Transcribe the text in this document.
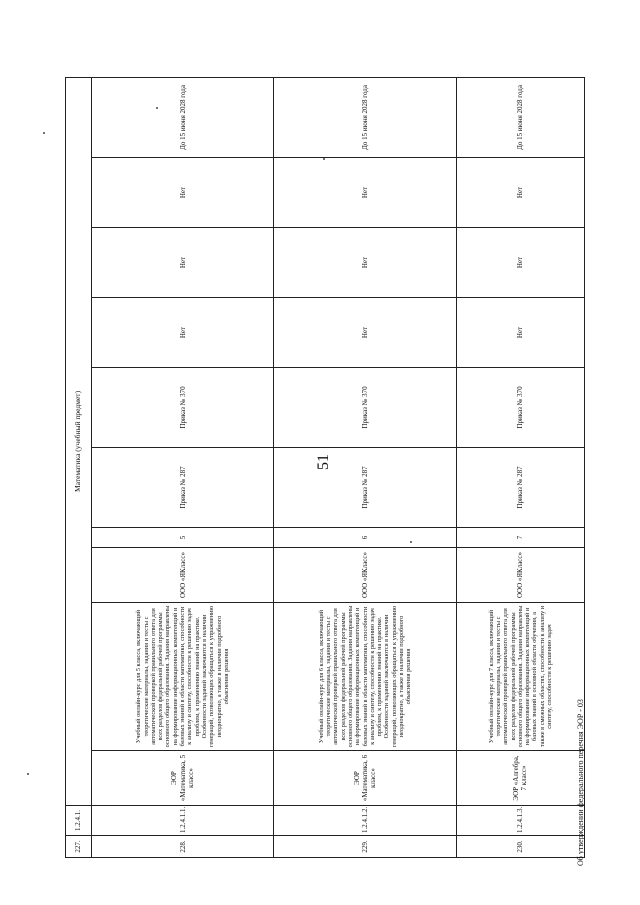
51
227.	1.2.4.1.	Математика (учебный предмет)									
228.	1.2.4.1.1.	ЭОР «Математика, 5 класс»	Учебный онлайн-курс для 5 класса, включающий теоретические материалы, задания и тесты с автоматической проверкой правильного ответа для всех разделов федеральной рабочей программы основного общего образования. Задания направлены на формирование информационных компетенций и базовых знаний в области математики, способности к анализу и синтезу, способности к решению задач проблем, к применению знаний на практике. Особенности заданий заключаются в наличии генераций, позволяющих обращаться к упражнению неоднократно, а также в наличии подробного объяснения решения	ООО «ЯКласс»	5	Приказ № 287	Приказ № 370	Нет	Нет	Нет	До 15 июня 2028 года
229.	1.2.4.1.2.	ЭОР «Математика, 6 класс»	Учебный онлайн-курс для 6 класса, включающий теоретические материалы, задания и тесты с автоматической проверкой правильного ответа для всех разделов федеральной рабочей программы основного общего образования. Задания направлены на формирование информационных компетенций и базовых знаний в области математики, способности к анализу и синтезу, способности к решению задач проблем, к применению знаний на практике. Особенности заданий заключаются в наличии генераций, позволяющих обращаться к упражнению неоднократно, а также в наличии подробного объяснения решения	ООО «ЯКласс»	6	Приказ № 287	Приказ № 370	Нет	Нет	Нет	До 15 июня 2028 года
230.	1.2.4.1.3.	ЭОР «Алгебра, 7 класс»	Учебный онлайн-курс для 7 класса, включающий теоретические материалы, задания и тесты с автоматической проверкой правильного ответа для всех разделов федеральной рабочей программы основного общего образования. Задания направлены на формирование информационных компетенций и базовых знаний в основной области обучения, а также в смежных областях, способности к анализу и синтезу, способности к решению задач	ООО «ЯКласс»	7	Приказ № 287	Приказ № 370	Нет	Нет	Нет	До 15 июня 2028 года
Об утверждении федерального перечня ЭОР - 03
